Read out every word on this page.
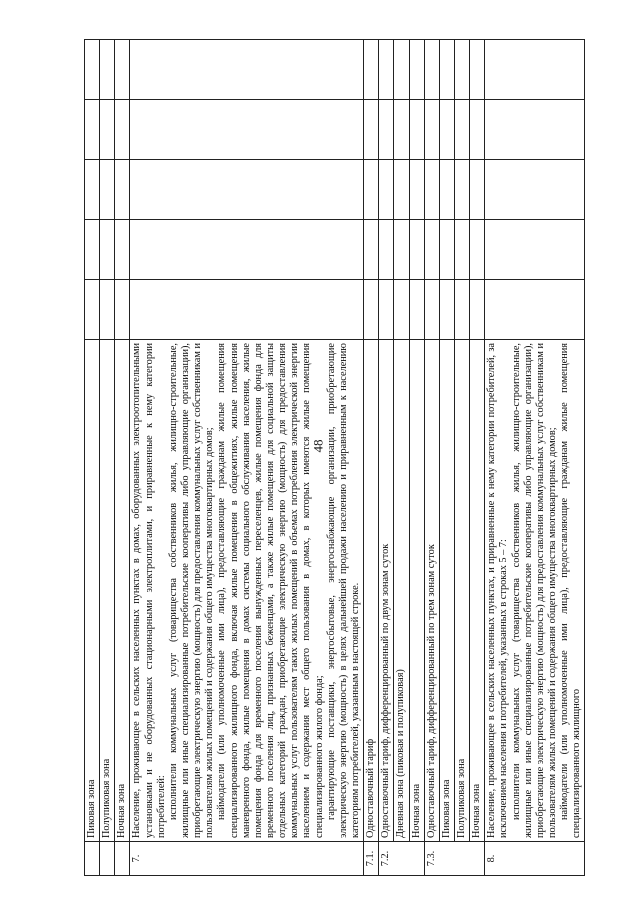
48
	Пиковая зона					
	Полупиковая зона					
	Ночная зона					
7.	Население, проживающее в сельских населенных пунктах в домах, оборудованных электроотопительными установками и не оборудованных стационарными электроплитами, и приравненные к нему категории потребителей: исполнители коммунальных услуг (товарищества собственников жилья, жилищно-строительные, жилищные или иные специализированные потребительские кооперативы либо управляющие организации), приобретающие электрическую энергию (мощность) для предоставления коммунальных услуг собственникам и пользователям жилых помещений и содержания общего имущества многоквартирных домов; наймодатели (или уполномоченные ими лица), предоставляющие гражданам жилые помещения специализированного жилищного фонда, включая жилые помещения в общежитиях, жилые помещения маневренного фонда, жилые помещения в домах системы социального обслуживания населения, жилые помещения фонда для временного поселения вынужденных переселенцев, жилые помещения фонда для временного поселения лиц, признанных беженцами, а также жилые помещения для социальной защиты отдельных категорий граждан, приобретающие электрическую энергию (мощность) для предоставления коммунальных услуг пользователям таких жилых помещений в объемах потребления электрической энергии населением и содержания мест общего пользования в домах, в которых имеются жилые помещения специализированного жилого фонда; гарантирующие поставщики, энергосбытовые, энергоснабжающие организации, приобретающие электрическую энергию (мощность) в целях дальнейшей продажи населению и приравненным к населению категориям потребителей, указанным в настоящей строке.					

7.1.	Одноставочный тариф					
7.2.	Одноставочный тариф, дифференцированный по двум зонам суток					
	Дневная зона (пиковая и полупиковая)					
	Ночная зона					
7.3.	Одноставочный тариф, дифференцированный по трем зонам суток					
	Пиковая зона					
	Полупиковая зона					
	Ночная зона					
8.	Население, проживающее в сельских населенных пунктах, и приравненные к нему категории потребителей, за исключением населения и потребителей, указанных в строках 5 – 7: исполнители коммунальных услуг (товарищества собственников жилья, жилищно-строительные, жилищные или иные специализированные потребительские кооперативы либо управляющие организации), приобретающие электрическую энергию (мощность) для предоставления коммунальных услуг собственникам и пользователям жилых помещений и содержания общего имущества многоквартирных домов; наймодатели (или уполномоченные ими лица), предоставляющие гражданам жилые помещения специализированного жилищного					
